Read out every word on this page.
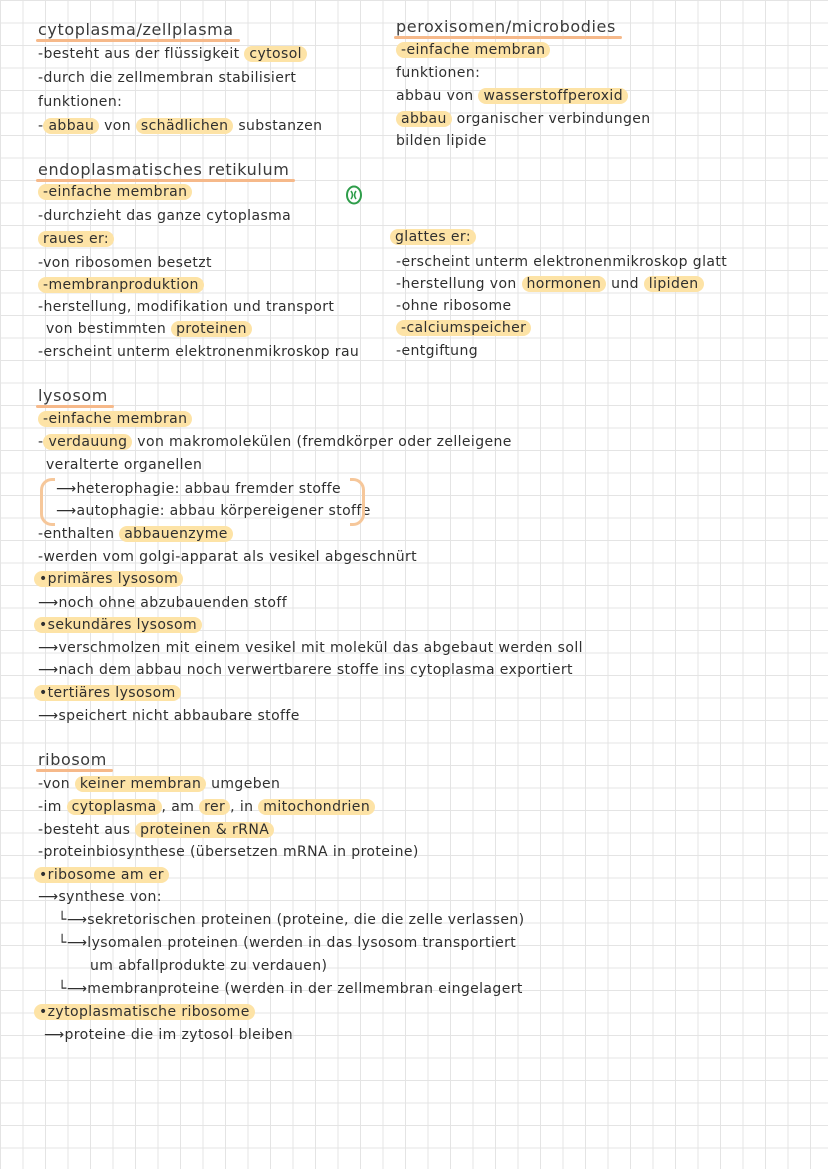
cytoplasma/zellplasma
-besteht aus der flüssigkeit cytosol
-durch die zellmembran stabilisiert
funktionen:
- abbau von schädlichen substanzen
endoplasmatisches retikulum
-einfache membran
-durchzieht das ganze cytoplasma
raues er:
-von ribosomen besetzt
-membranproduktion
-herstellung, modifikation und transport
von bestimmten proteinen
-erscheint unterm elektronenmikroskop rau
peroxisomen/microbodies
-einfache membran
funktionen:
abbau von wasserstoffperoxid
abbau organischer verbindungen
bilden lipide
glattes er:
-erscheint unterm elektronenmikroskop glatt
-herstellung von hormonen und lipiden
-ohne ribosome
-calciumspeicher
-entgiftung
lysosom
-einfache membran
- verdauung von makromolekülen (fremdkörper oder zelleigene
veralterte organellen
⟶heterophagie: abbau fremder stoffe
⟶autophagie: abbau körpereigener stoffe
-enthalten abbauenzyme
-werden vom golgi-apparat als vesikel abgeschnürt
•primäres lysosom
⟶noch ohne abzubauenden stoff
•sekundäres lysosom
⟶verschmolzen mit einem vesikel mit molekül das abgebaut werden soll
⟶nach dem abbau noch verwertbarere stoffe ins cytoplasma exportiert
•tertiäres lysosom
⟶speichert nicht abbaubare stoffe
ribosom
-von keiner membran umgeben
-im cytoplasma , am rer , in mitochondrien
-besteht aus proteinen & rRNA
-proteinbiosynthese (übersetzen mRNA in proteine)
•ribosome am er
⟶synthese von:
└⟶sekretorischen proteinen (proteine, die die zelle verlassen)
└⟶lysomalen proteinen (werden in das lysosom transportiert
um abfallprodukte zu verdauen)
└⟶membranproteine (werden in der zellmembran eingelagert
•zytoplasmatische ribosome
⟶proteine die im zytosol bleiben
